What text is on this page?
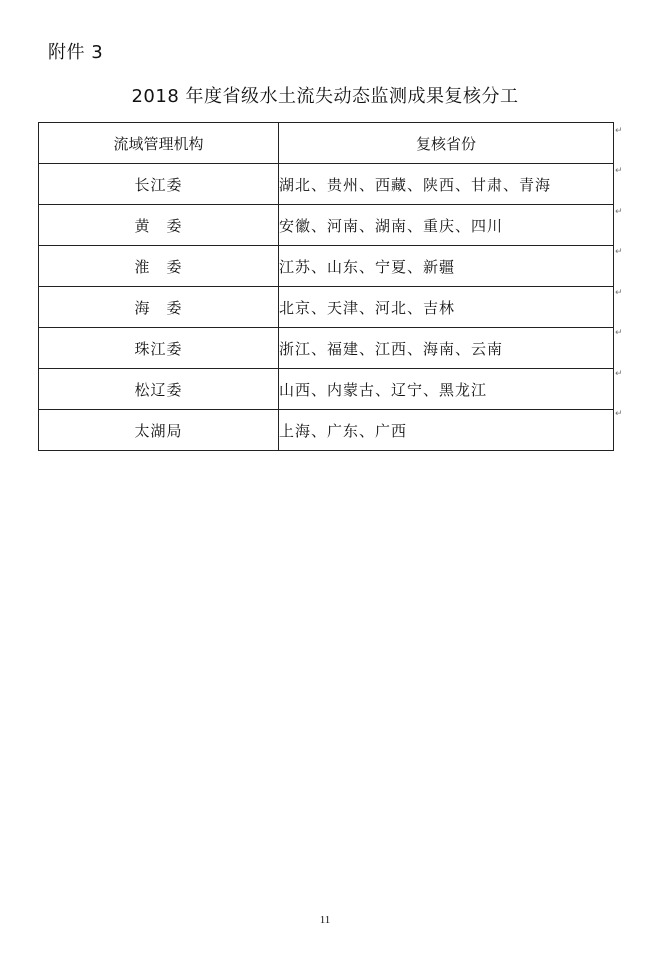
附件 3
2018 年度省级水土流失动态监测成果复核分工
流域管理机构	复核省份
长江委	湖北、贵州、西藏、陕西、甘肃、青海
黄　委	安徽、河南、湖南、重庆、四川
淮　委	江苏、山东、宁夏、新疆
海　委	北京、天津、河北、吉林
珠江委	浙江、福建、江西、海南、云南
松辽委	山西、内蒙古、辽宁、黑龙江
太湖局	上海、广东、广西
↵
↵
↵
↵
↵
↵
↵
↵
11
